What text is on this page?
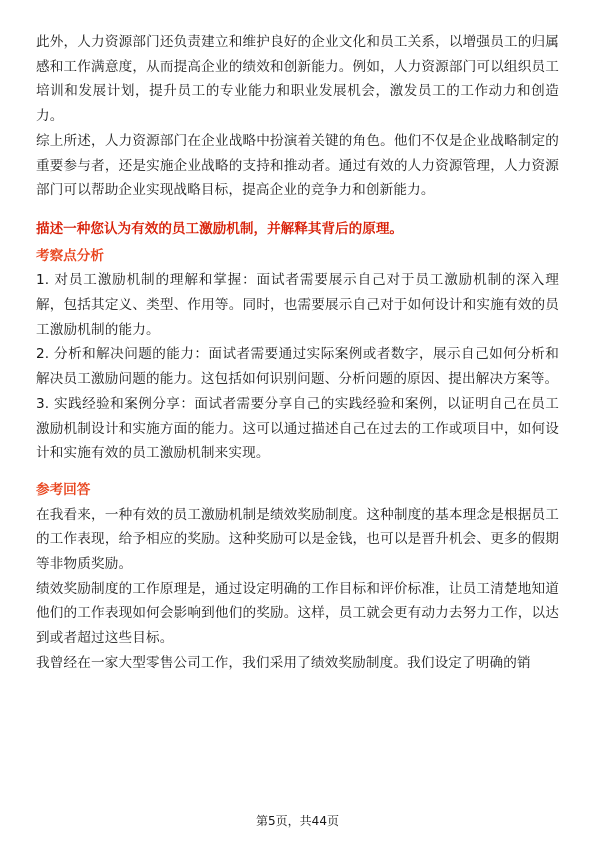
此外，人力资源部门还负责建立和维护良好的企业文化和员工关系，以增强员工的归属感和工作满意度，从而提高企业的绩效和创新能力。例如，人力资源部门可以组织员工培训和发展计划，提升员工的专业能力和职业发展机会，激发员工的工作动力和创造力。

综上所述，人力资源部门在企业战略中扮演着关键的角色。他们不仅是企业战略制定的重要参与者，还是实施企业战略的支持和推动者。通过有效的人力资源管理，人力资源部门可以帮助企业实现战略目标，提高企业的竞争力和创新能力。

描述一种您认为有效的员工激励机制，并解释其背后的原理。

考察点分析

1. 对员工激励机制的理解和掌握：面试者需要展示自己对于员工激励机制的深入理解，包括其定义、类型、作用等。同时，也需要展示自己对于如何设计和实施有效的员工激励机制的能力。

2. 分析和解决问题的能力：面试者需要通过实际案例或者数字，展示自己如何分析和解决员工激励问题的能力。这包括如何识别问题、分析问题的原因、提出解决方案等。

3. 实践经验和案例分享：面试者需要分享自己的实践经验和案例，以证明自己在员工激励机制设计和实施方面的能力。这可以通过描述自己在过去的工作或项目中，如何设计和实施有效的员工激励机制来实现。

参考回答

在我看来，一种有效的员工激励机制是绩效奖励制度。这种制度的基本理念是根据员工的工作表现，给予相应的奖励。这种奖励可以是金钱，也可以是晋升机会、更多的假期等非物质奖励。

绩效奖励制度的工作原理是，通过设定明确的工作目标和评价标准，让员工清楚地知道他们的工作表现如何会影响到他们的奖励。这样，员工就会更有动力去努力工作，以达到或者超过这些目标。

我曾经在一家大型零售公司工作，我们采用了绩效奖励制度。我们设定了明确的销

第5页，共44页
